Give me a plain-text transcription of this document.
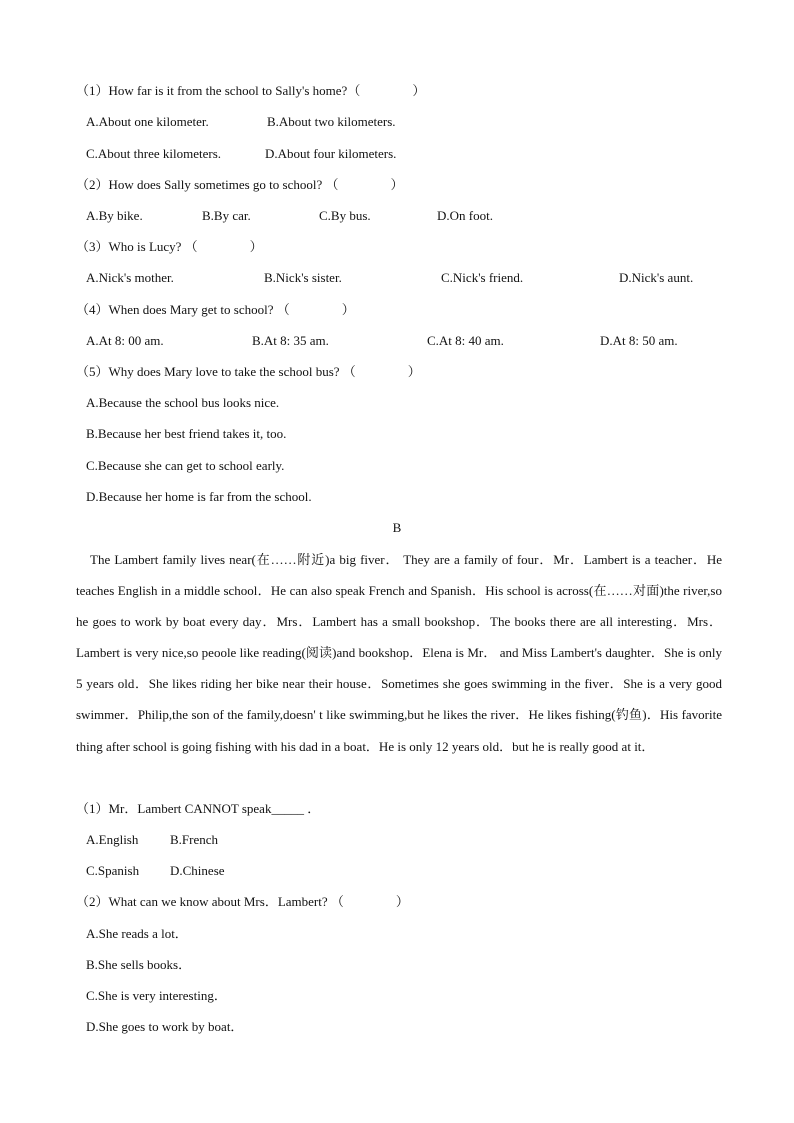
（1）How far is it from the school to Sally's home?（　　　　）
A.About one kilometer.	B.About two kilometers.
C.About three kilometers.	D.About four kilometers.
（2）How does Sally sometimes go to school? （　　　　）
A.By bike.	B.By car.	C.By bus.	D.On foot.
（3）Who is Lucy? （　　　　）
A.Nick's mother.	B.Nick's sister.	C.Nick's friend.	D.Nick's aunt.
（4）When does Mary get to school? （　　　　）
A.At 8: 00 am.	B.At 8: 35 am.	C.At 8: 40 am.	D.At 8: 50 am.
（5）Why does Mary love to take the school bus? （　　　　）
A.Because the school bus looks nice.
B.Because her best friend takes it, too.
C.Because she can get to school early.
D.Because her home is far from the school.
B
The Lambert family lives near(在……附近)a big fiver． They are a family of four．Mr．Lambert is a teacher．He teaches English in a middle school．He can also speak French and Spanish．His school is across(在……对面)the river,so he goes to work by boat every day．Mrs．Lambert has a small bookshop．The books there are all interesting．Mrs．Lambert is very nice,so peoole like reading(阅读)and bookshop．Elena is Mr． and Miss Lambert's daughter．She is only 5 years old．She likes riding her bike near their house．Sometimes she goes swimming in the fiver．She is a very good swimmer．Philip,the son of the family,doesn' t like swimming,but he likes the river．He likes fishing(钓鱼)．His favorite thing after school is going fishing with his dad in a boat．He is only 12 years old．but he is really good at it．
（1）Mr．Lambert CANNOT speak_____ ．
A.English B.French
C.Spanish D.Chinese
（2）What can we know about Mrs．Lambert? （　　　　）
A.She reads a lot．
B.She sells books．
C.She is very interesting．
D.She goes to work by boat．
